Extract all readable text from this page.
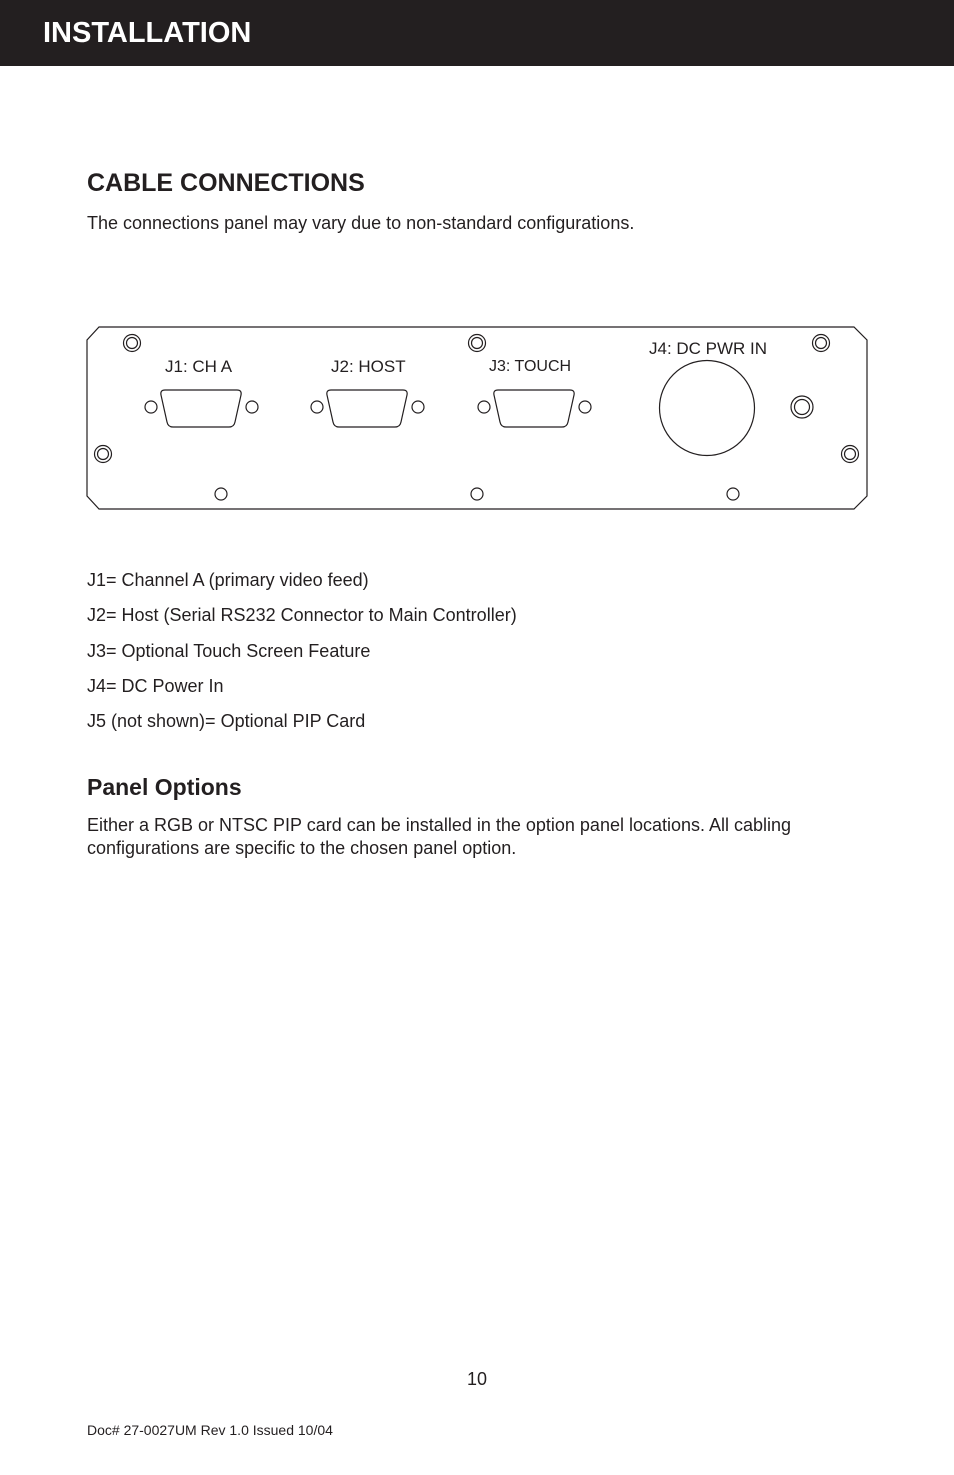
INSTALLATION
CABLE CONNECTIONS

The connections panel may vary due to non-standard configurations.

J1: CH A	J2: HOST	J3: TOUCH
J4: DC PWR IN
J1= Channel A (primary video feed)
J2= Host (Serial RS232 Connector to Main Controller)
J3= Optional Touch Screen Feature
J4= DC Power In
J5 (not shown)= Optional PIP Card
Panel Options

Either a RGB or NTSC PIP card can be installed in the option panel locations. All cabling configurations are specific to the chosen panel option.

10

Doc# 27-0027UM Rev 1.0 Issued 10/04
